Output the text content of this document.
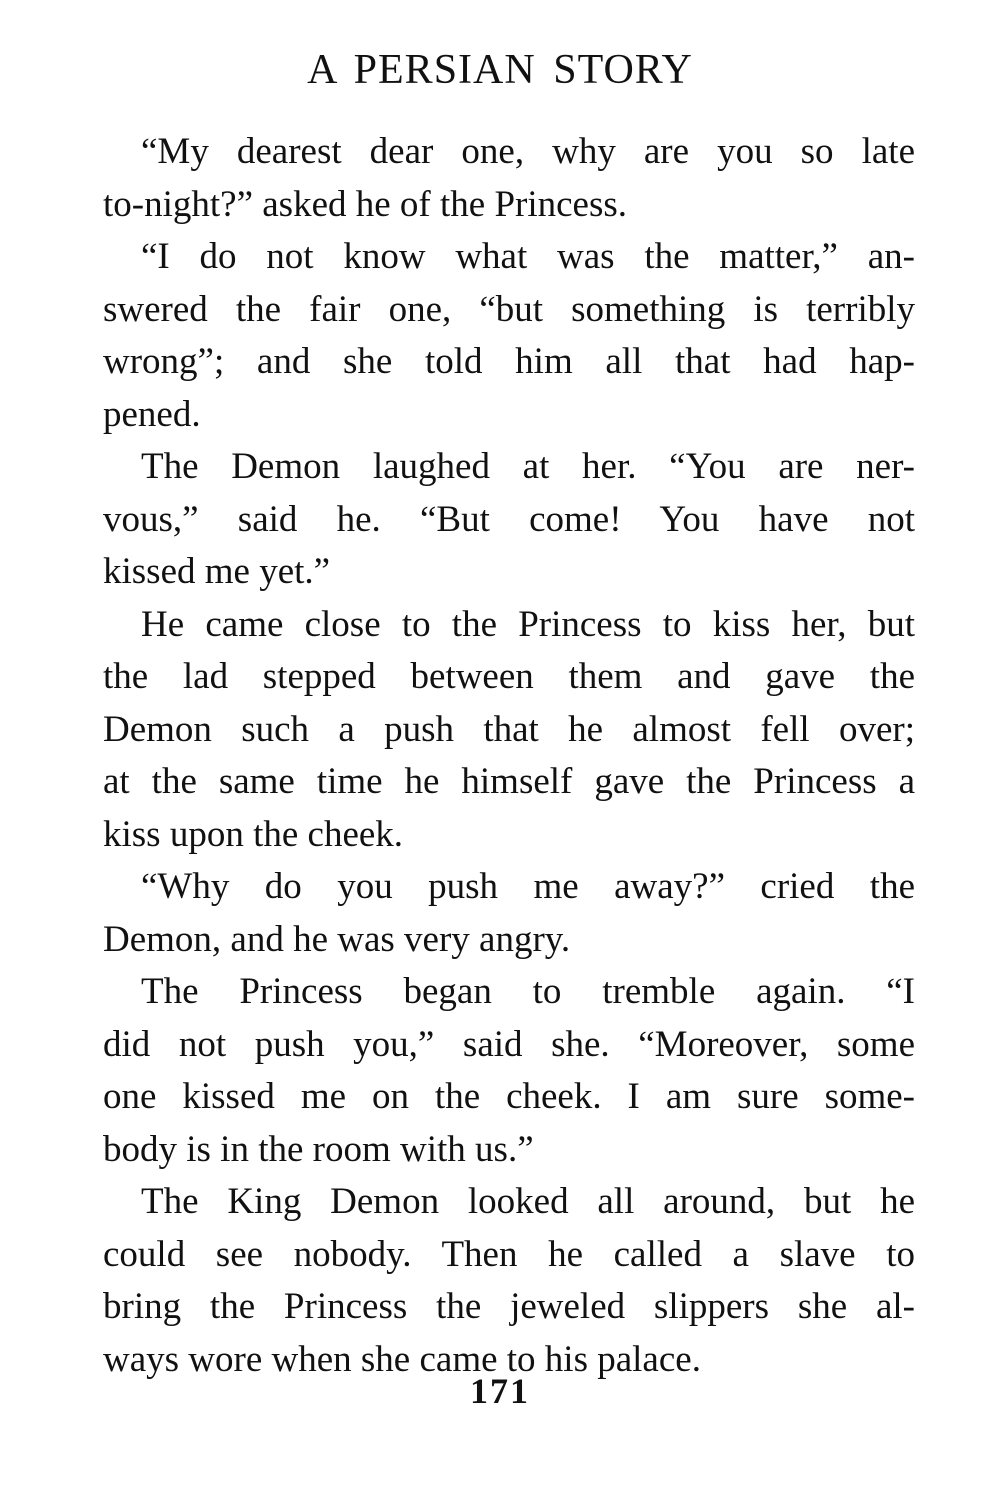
A PERSIAN STORY

“My dearest dear one, why are you so late
to-night?” asked he of the Princess.

“I do not know what was the matter,” an-
swered the fair one, “but something is terribly
wrong”; and she told him all that had hap-
pened.

The Demon laughed at her. “You are ner-
vous,” said he. “But come! You have not
kissed me yet.”

He came close to the Princess to kiss her, but
the lad stepped between them and gave the
Demon such a push that he almost fell over;
at the same time he himself gave the Princess a
kiss upon the cheek.

“Why do you push me away?” cried the
Demon, and he was very angry.

The Princess began to tremble again. “I
did not push you,” said she. “Moreover, some
one kissed me on the cheek. I am sure some-
body is in the room with us.”

The King Demon looked all around, but he
could see nobody. Then he called a slave to
bring the Princess the jeweled slippers she al-
ways wore when she came to his palace.

171
